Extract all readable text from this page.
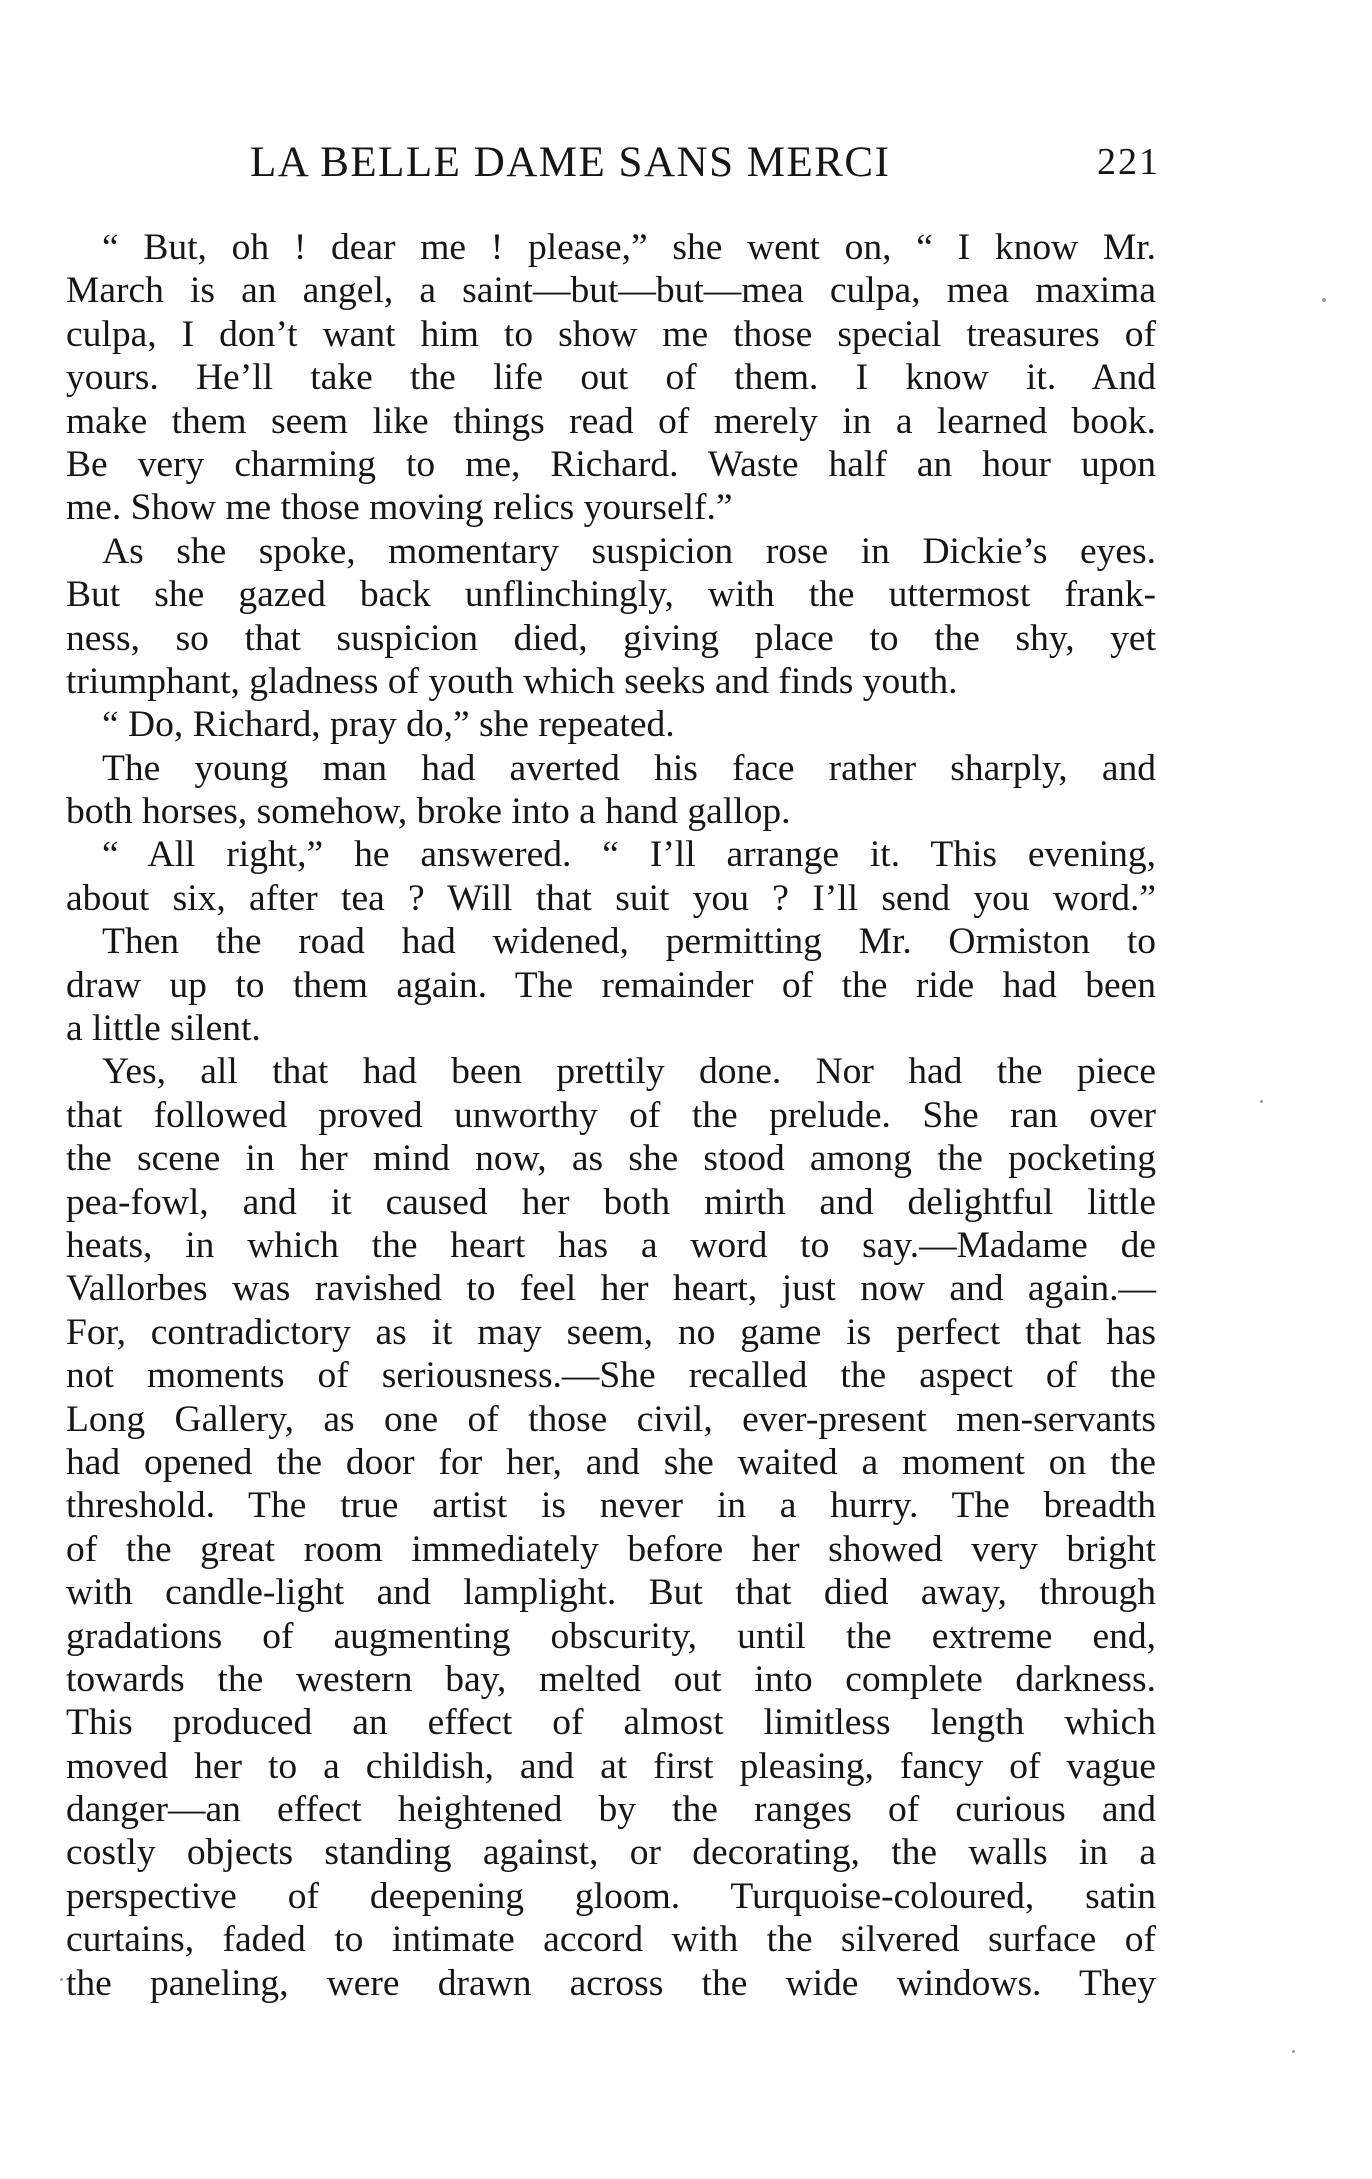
LA BELLE DAME SANS MERCI	221
“ But, oh ! dear me ! please,” she went on, “ I know Mr.
March is an angel, a saint—but—but—mea culpa, mea maxima
culpa, I don’t want him to show me those special treasures of
yours. He’ll take the life out of them. I know it. And
make them seem like things read of merely in a learned book.
Be very charming to me, Richard. Waste half an hour upon
me. Show me those moving relics yourself.”
As she spoke, momentary suspicion rose in Dickie’s eyes.
But she gazed back unflinchingly, with the uttermost frank-
ness, so that suspicion died, giving place to the shy, yet
triumphant, gladness of youth which seeks and finds youth.
“ Do, Richard, pray do,” she repeated.
The young man had averted his face rather sharply, and
both horses, somehow, broke into a hand gallop.
“ All right,” he answered. “ I’ll arrange it. This evening,
about six, after tea ? Will that suit you ? I’ll send you word.”
Then the road had widened, permitting Mr. Ormiston to
draw up to them again. The remainder of the ride had been
a little silent.
Yes, all that had been prettily done. Nor had the piece
that followed proved unworthy of the prelude. She ran over
the scene in her mind now, as she stood among the pocketing
pea-fowl, and it caused her both mirth and delightful little
heats, in which the heart has a word to say.—Madame de
Vallorbes was ravished to feel her heart, just now and again.—
For, contradictory as it may seem, no game is perfect that has
not moments of seriousness.—She recalled the aspect of the
Long Gallery, as one of those civil, ever-present men-servants
had opened the door for her, and she waited a moment on the
threshold. The true artist is never in a hurry. The breadth
of the great room immediately before her showed very bright
with candle-light and lamplight. But that died away, through
gradations of augmenting obscurity, until the extreme end,
towards the western bay, melted out into complete darkness.
This produced an effect of almost limitless length which
moved her to a childish, and at first pleasing, fancy of vague
danger—an effect heightened by the ranges of curious and
costly objects standing against, or decorating, the walls in a
perspective of deepening gloom. Turquoise-coloured, satin
curtains, faded to intimate accord with the silvered surface of
the paneling, were drawn across the wide windows. They
